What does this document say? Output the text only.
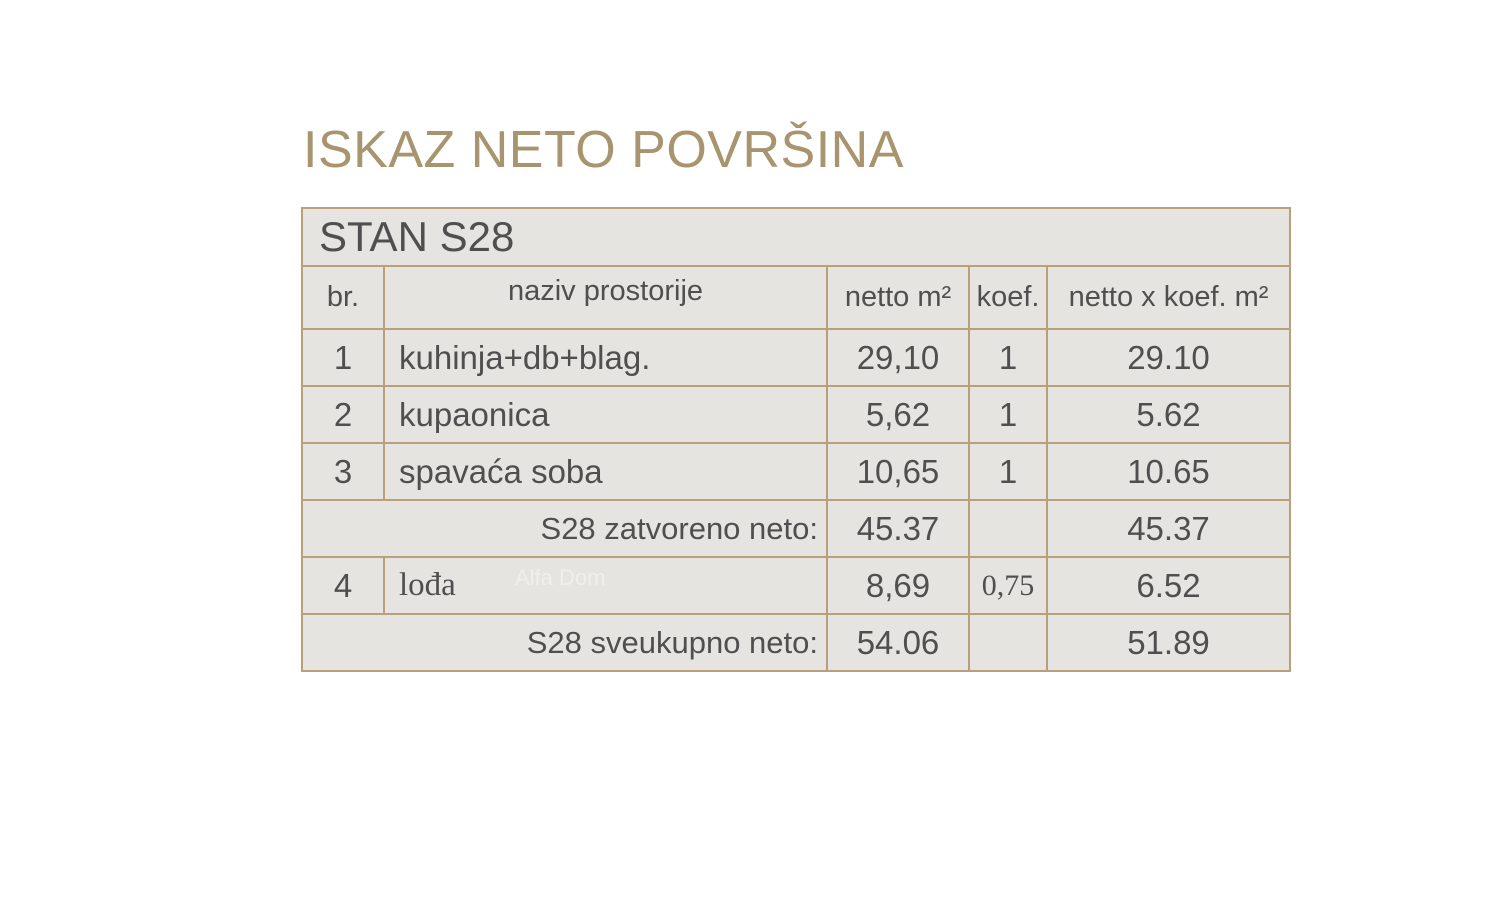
ISKAZ NETO POVRŠINA
STAN S28				
br.	naziv prostorije	netto m²	koef.	netto x koef. m²
1	kuhinja+db+blag.	29,10	1	29.10
2	kupaonica	5,62	1	5.62
3	spavaća soba	10,65	1	10.65
S28 zatvoreno neto:		45.37		45.37
4	lođa	8,69	0,75	6.52
S28 sveukupno neto:		54.06		51.89
Alfa Dom
